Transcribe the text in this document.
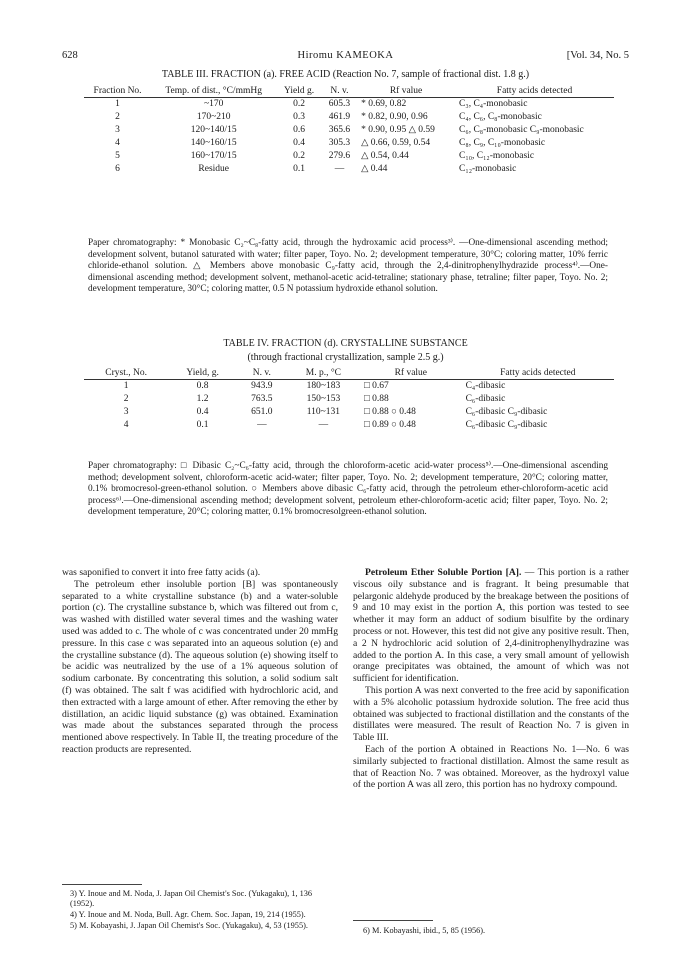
628	Hiromu KAMEOKA	[Vol. 34, No. 5
TABLE III. FRACTION (a). FREE ACID (Reaction No. 7, sample of fractional dist. 1.8 g.)
Fraction No.	Temp. of dist., °C/mmHg	Yield g.	N. v.	Rf value	Fatty acids detected
1	~170	0.2	605.3	* 0.69, 0.82	C₃, C₄-monobasic
2	170~210	0.3	461.9	* 0.82, 0.90, 0.96	C₄, C₆, C₈-monobasic
3	120~140/15	0.6	365.6	* 0.90, 0.95 △ 0.59	C₆, C₈-monobasic C₉-monobasic
4	140~160/15	0.4	305.3	△ 0.66, 0.59, 0.54	C₈, C₉, C₁₀-monobasic
5	160~170/15	0.2	279.6	△ 0.54, 0.44	C₁₀, C₁₂-monobasic
6	Residue	0.1	—	△ 0.44	C₁₂-monobasic
Paper chromatography: * Monobasic C₂~C₈-fatty acid, through the hydroxamic acid process³⁾. —One-dimensional ascending method; development solvent, butanol saturated with water; filter paper, Toyo. No. 2; development temperature, 30°C; coloring matter, 10% ferric chloride-ethanol solution. △ Members above monobasic C₉-fatty acid, through the 2,4-dinitrophenylhydrazide process⁴⁾.—One-dimensional ascending method; development solvent, methanol-acetic acid-tetraline; stationary phase, tetraline; filter paper, Toyo. No. 2; development temperature, 30°C; coloring matter, 0.5 N potassium hydroxide ethanol solution.
TABLE IV. FRACTION (d). CRYSTALLINE SUBSTANCE
(through fractional crystallization, sample 2.5 g.)
Cryst., No.	Yield, g.	N. v.	M. p., °C	Rf value	Fatty acids detected
1	0.8	943.9	180~183	□ 0.67	C₄-dibasic
2	1.2	763.5	150~153	□ 0.88	C₆-dibasic
3	0.4	651.0	110~131	□ 0.88 ○ 0.48	C₆-dibasic C₉-dibasic
4	0.1	—	—	□ 0.89 ○ 0.48	C₆-dibasic C₉-dibasic
Paper chromatography: □ Dibasic C₂~C₆-fatty acid, through the chloroform-acetic acid-water process⁵⁾.—One-dimensional ascending method; development solvent, chloroform-acetic acid-water; filter paper, Toyo. No. 2; development temperature, 20°C; coloring matter, 0.1% bromocresol-green-ethanol solution. ○ Members above dibasic C₆-fatty acid, through the petroleum ether-chloroform-acetic acid process⁶⁾.—One-dimensional ascending method; development solvent, petroleum ether-chloroform-acetic acid; filter paper, Toyo. No. 2; development temperature, 20°C; coloring matter, 0.1% bromocresolgreen-ethanol solution.

was saponified to convert it into free fatty acids (a).

The petroleum ether insoluble portion [B] was spontaneously separated to a white crystalline substance (b) and a water-soluble portion (c). The crystalline substance b, which was filtered out from c, was washed with distilled water several times and the washing water used was added to c. The whole of c was concentrated under 20 mmHg pressure. In this case c was separated into an aqueous solution (e) and the crystalline substance (d). The aqueous solution (e) showing itself to be acidic was neutralized by the use of a 1% aqueous solution of sodium carbonate. By concentrating this solution, a solid sodium salt (f) was obtained. The salt f was acidified with hydrochloric acid, and then extracted with a large amount of ether. After removing the ether by distillation, an acidic liquid substance (g) was obtained. Examination was made about the substances separated through the process mentioned above respectively. In Table II, the treating procedure of the reaction products are represented.

Petroleum Ether Soluble Portion [A]. — This portion is a rather viscous oily substance and is fragrant. It being presumable that pelargonic aldehyde produced by the breakage between the positions of 9 and 10 may exist in the portion A, this portion was tested to see whether it may form an adduct of sodium bisulfite by the ordinary process or not. However, this test did not give any positive result. Then, a 2 N hydrochloric acid solution of 2,4-dinitrophenylhydrazine was added to the portion A. In this case, a very small amount of yellowish orange precipitates was obtained, the amount of which was not sufficient for identification.

This portion A was next converted to the free acid by saponification with a 5% alcoholic potassium hydroxide solution. The free acid thus obtained was subjected to fractional distillation and the constants of the distillates were measured. The result of Reaction No. 7 is given in Table III.

Each of the portion A obtained in Reactions No. 1—No. 6 was similarly subjected to fractional distillation. Almost the same result as that of Reaction No. 7 was obtained. Moreover, as the hydroxyl value of the portion A was all zero, this portion has no hydroxy compound.

3) Y. Inoue and M. Noda, J. Japan Oil Chemist's Soc. (Yukagaku), 1, 136 (1952).
4) Y. Inoue and M. Noda, Bull. Agr. Chem. Soc. Japan, 19, 214 (1955).
5) M. Kobayashi, J. Japan Oil Chemist's Soc. (Yukagaku), 4, 53 (1955).
6) M. Kobayashi, ibid., 5, 85 (1956).
